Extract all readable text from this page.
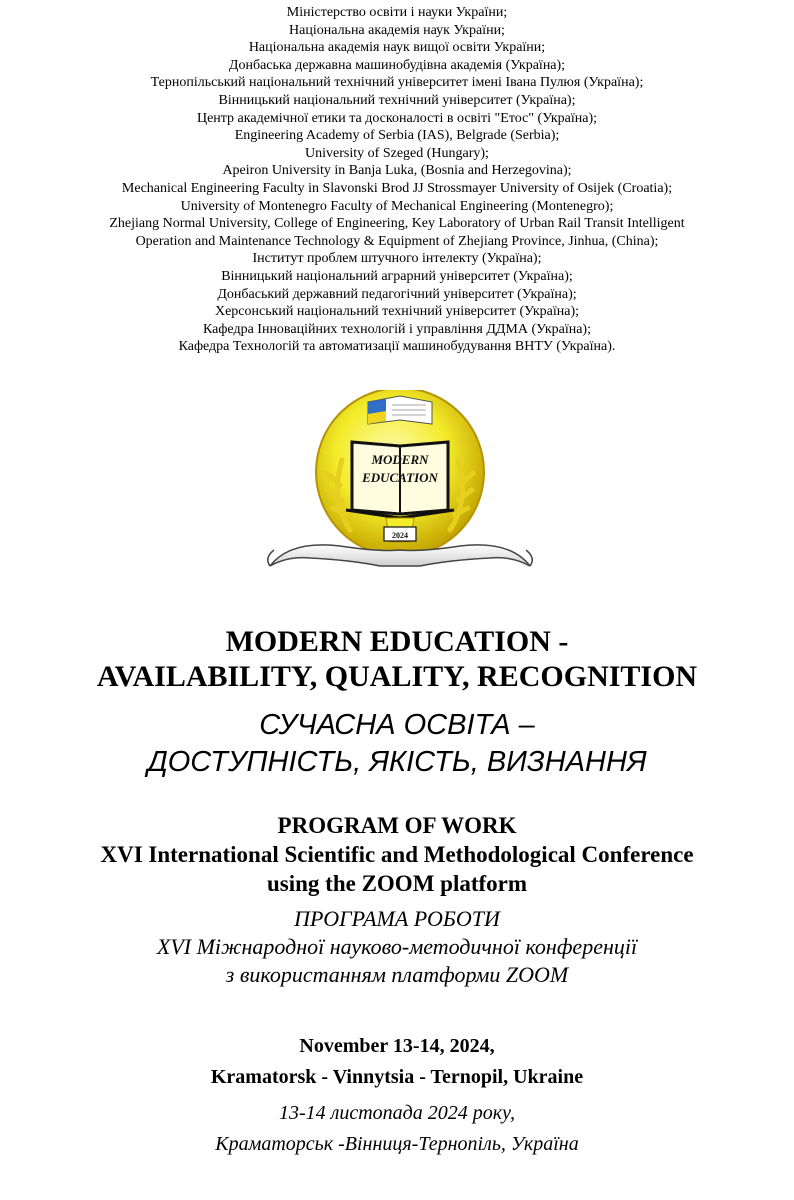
Міністерство освіти і науки України;
Національна академія наук України;
Національна академія наук вищої освіти України;
Донбаська державна машинобудівна академія (Україна);
Тернопільський національний технічний університет імені Івана Пулюя (Україна);
Вінницький національний технічний університет (Україна);
Центр академічної етики та досконалості в освіті "Етос" (Україна);
Engineering Academy of Serbia (IAS), Belgrade (Serbia);
University of Szeged (Hungary);
Apeiron University in Banja Luka, (Bosnia and Herzegovina);
Mechanical Engineering Faculty in Slavonski Brod JJ Strossmayer University of Osijek (Croatia);
University of Montenegro Faculty of Mechanical Engineering (Montenegro);
Zhejiang Normal University, College of Engineering, Key Laboratory of Urban Rail Transit Intelligent
Operation and Maintenance Technology & Equipment of Zhejiang Province, Jinhua, (China);
Інститут проблем штучного інтелекту (Україна);
Вінницький національний аграрний університет (Україна);
Донбаський державний педагогічний університет (Україна);
Херсонський національний технічний університет (Україна);
Кафедра Інноваційних технологій і управління ДДМА (Україна);
Кафедра Технологій та автоматизації машинобудування ВНТУ (Україна).
MODERN
EDUCATION
2024
MODERN EDUCATION -
AVAILABILITY, QUALITY, RECOGNITION
СУЧАСНА ОСВІТА –
ДОСТУПНІСТЬ, ЯКІСТЬ, ВИЗНАННЯ
PROGRAM OF WORK
XVI International Scientific and Methodological Conference
using the ZOOM platform
ПРОГРАМА РОБОТИ
XVI Міжнародної науково-методичної конференції
з використанням платформи ZOOM
November 13-14, 2024,
Kramatorsk - Vinnytsia - Ternopil, Ukraine
13-14 листопада 2024 року,
Краматорськ -Вінниця-Тернопіль, Україна
